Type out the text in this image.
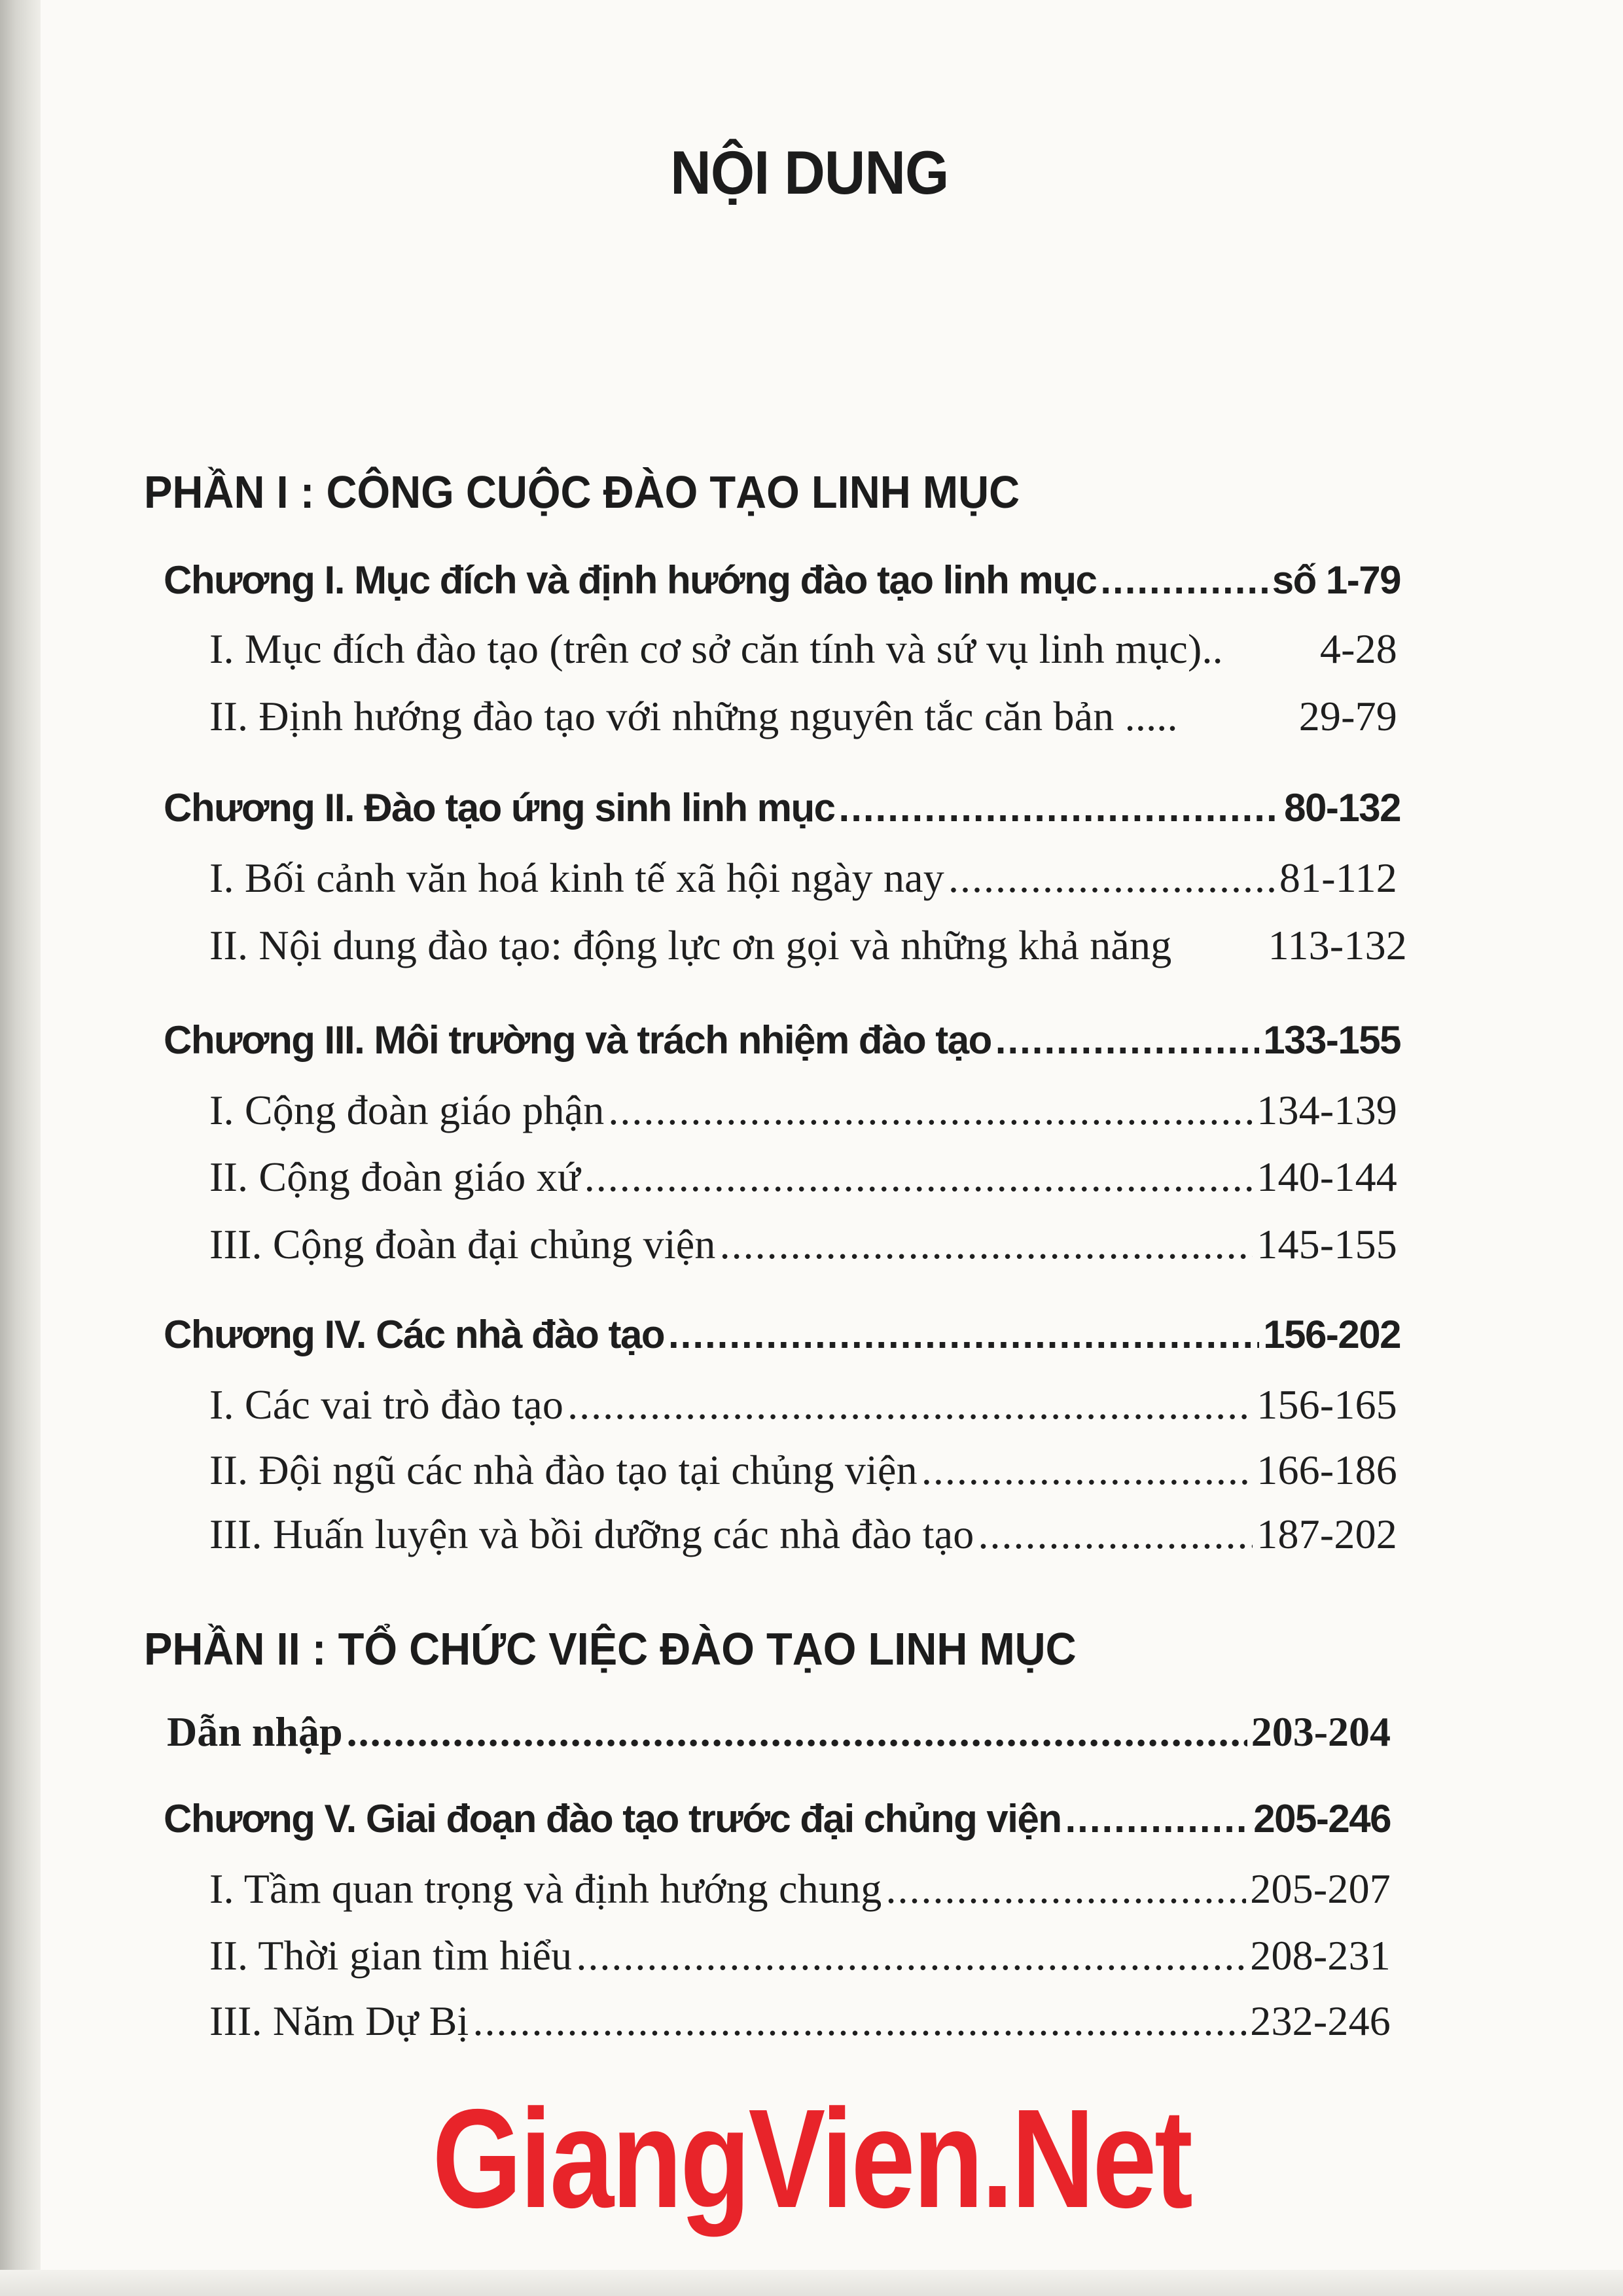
NỘI DUNG
PHẦN I : CÔNG CUỘC ĐÀO TẠO LINH MỤC
Chương I. Mục đích và định hướng đào tạo linh mục .....	số 1-79
I. Mục đích đào tạo (trên cơ sở căn tính và sứ vụ linh mục).. 4-28
II. Định hướng đào tạo với những nguyên tắc căn bản .....	29-79
Chương II. Đào tạo ứng sinh linh mục .....	80-132
I. Bối cảnh văn hoá kinh tế xã hội ngày nay .....	81-112
II. Nội dung đào tạo: động lực ơn gọi và những khả năng 113-132
Chương III. Môi trường và trách nhiệm đào tạo .....	133-155
I. Cộng đoàn giáo phận .....	134-139
II. Cộng đoàn giáo xứ .....	140-144
III. Cộng đoàn đại chủng viện .....	145-155
Chương IV. Các nhà đào tạo .....	156-202
I. Các vai trò đào tạo .....	156-165
II. Đội ngũ các nhà đào tạo tại chủng viện .....	166-186
III. Huấn luyện và bồi dưỡng các nhà đào tạo .....	187-202
PHẦN II : TỔ CHỨC VIỆC ĐÀO TẠO LINH MỤC
Dẫn nhập .....	203-204
Chương V. Giai đoạn đào tạo trước đại chủng viện .....	205-246
I. Tầm quan trọng và định hướng chung .....	205-207
II. Thời gian tìm hiểu .....	208-231
III. Năm Dự Bị .....	232-246
GiangVien.Net
